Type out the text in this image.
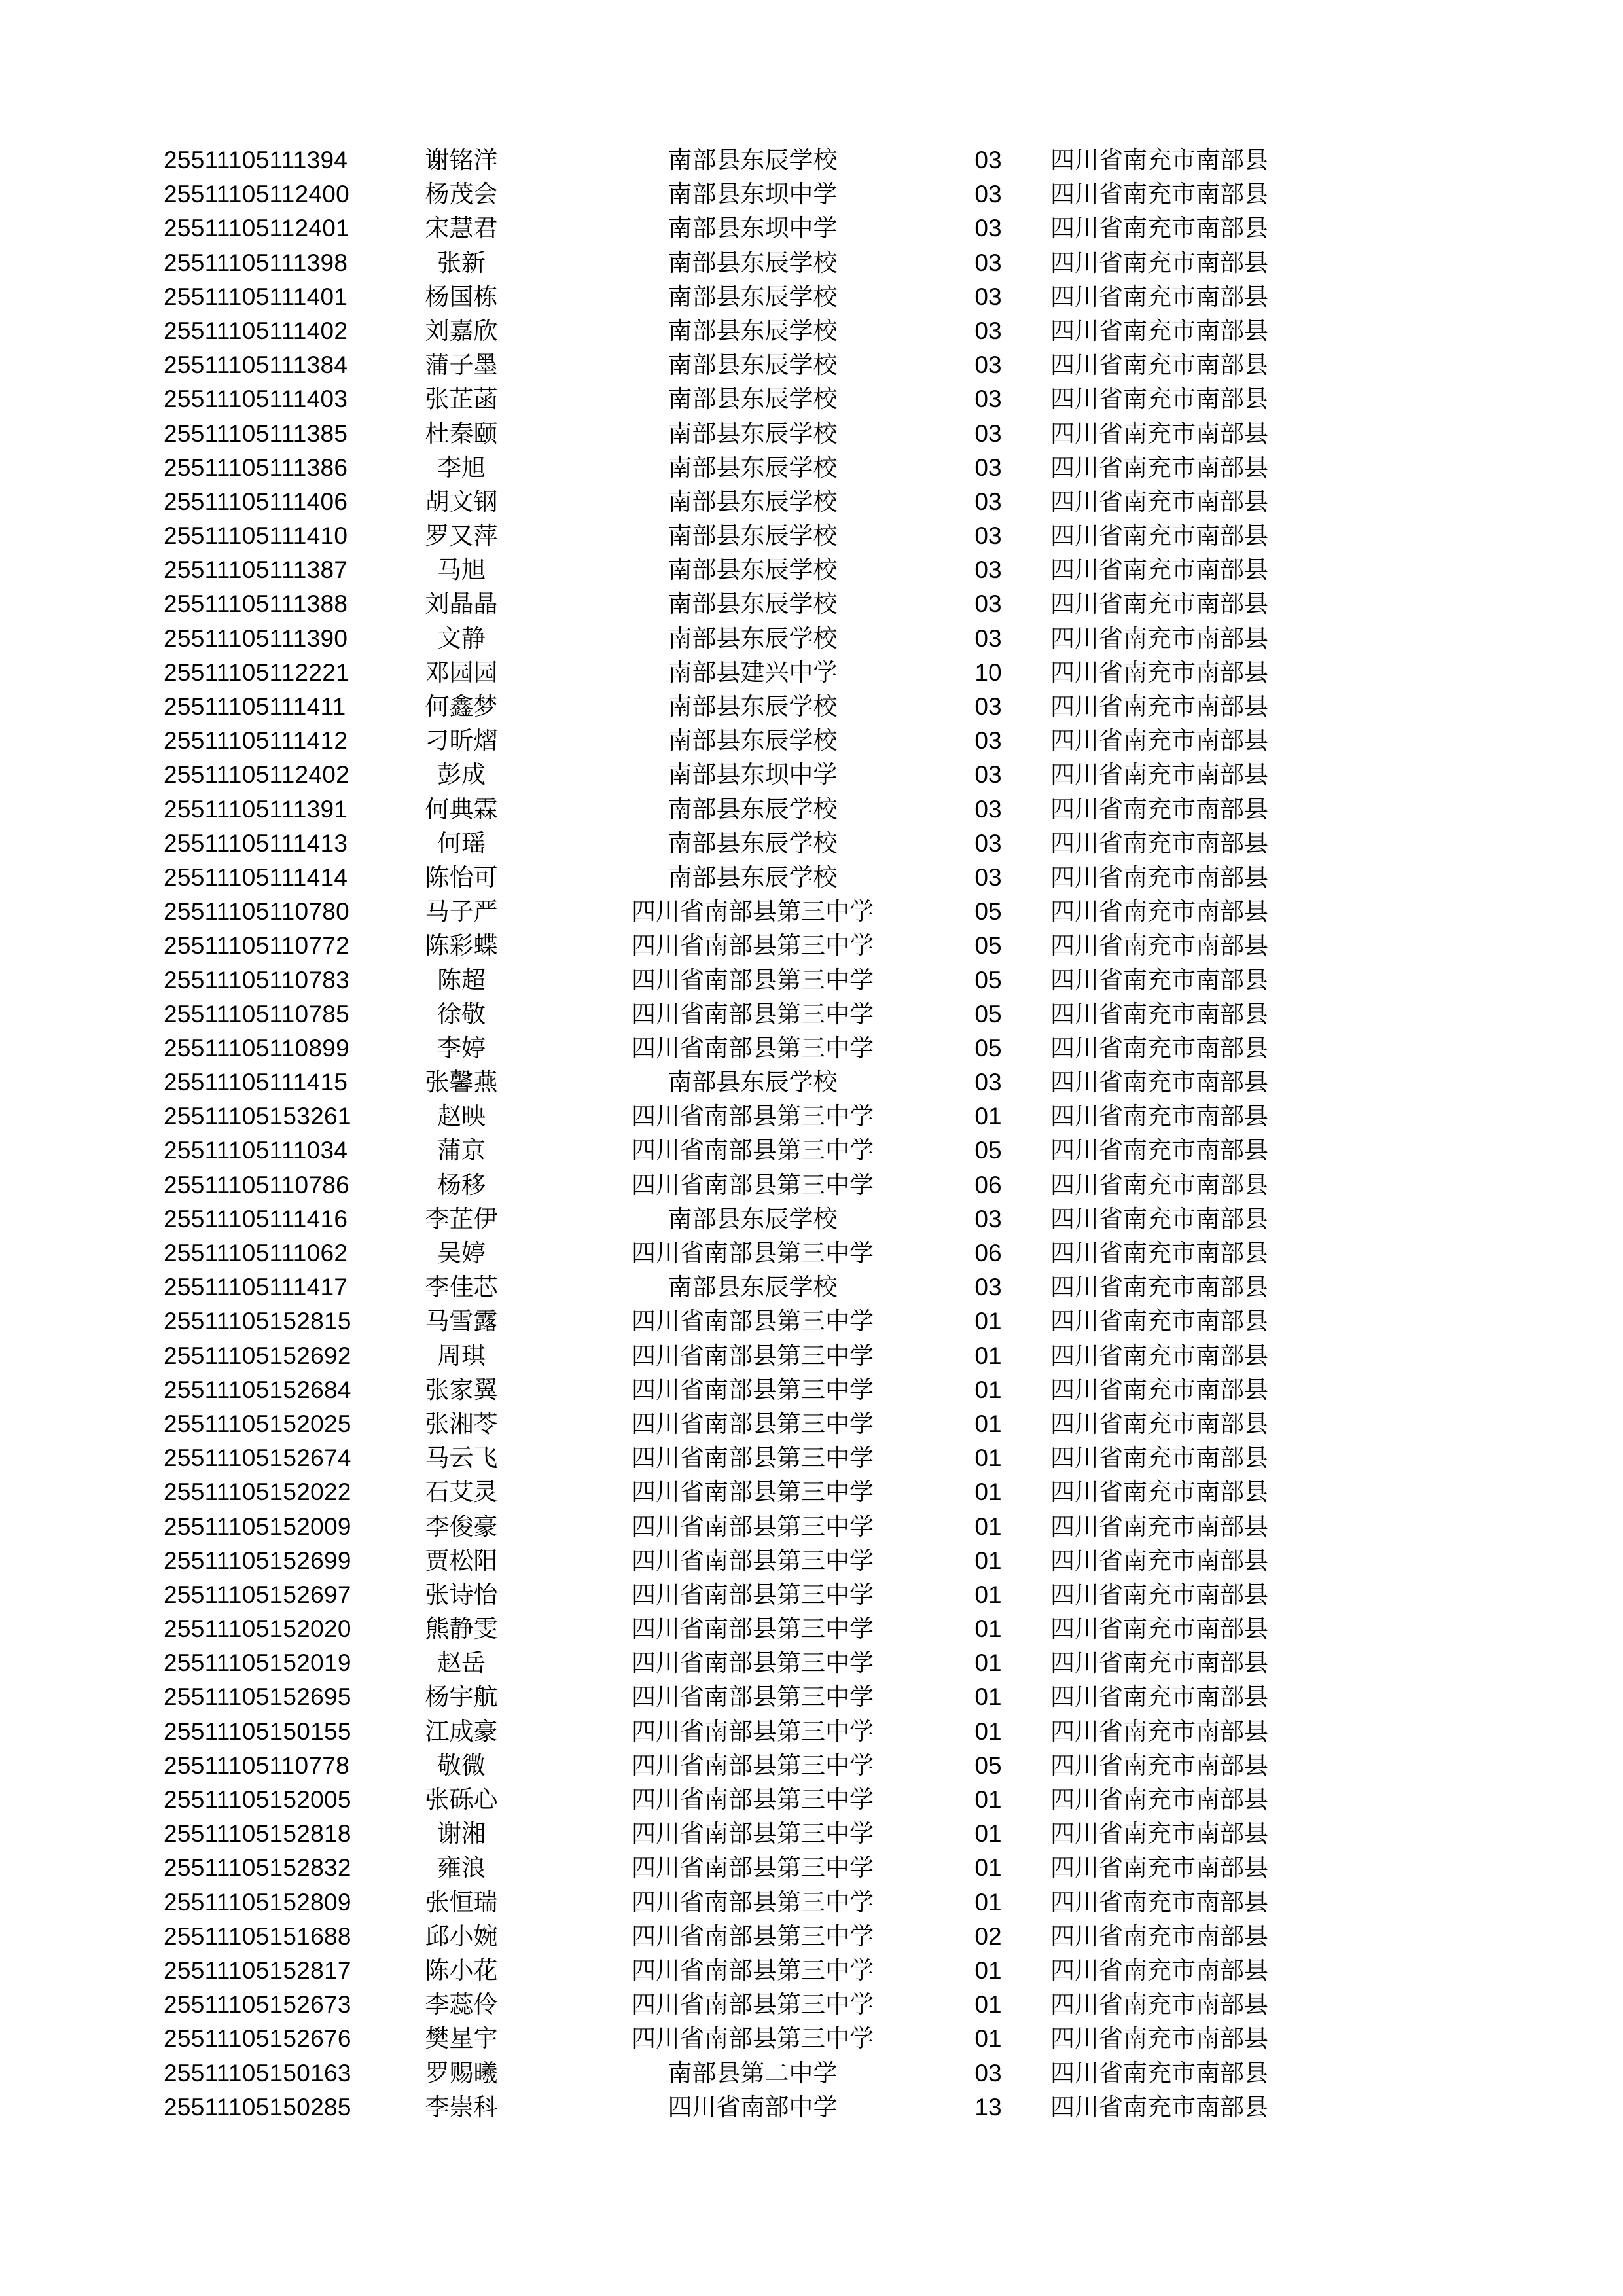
25511105111394	谢铭洋	南部县东辰学校	03	四川省南充市南部县
25511105112400	杨茂会	南部县东坝中学	03	四川省南充市南部县
25511105112401	宋慧君	南部县东坝中学	03	四川省南充市南部县
25511105111398	张新	南部县东辰学校	03	四川省南充市南部县
25511105111401	杨国栋	南部县东辰学校	03	四川省南充市南部县
25511105111402	刘嘉欣	南部县东辰学校	03	四川省南充市南部县
25511105111384	蒲子墨	南部县东辰学校	03	四川省南充市南部县
25511105111403	张芷菡	南部县东辰学校	03	四川省南充市南部县
25511105111385	杜秦颐	南部县东辰学校	03	四川省南充市南部县
25511105111386	李旭	南部县东辰学校	03	四川省南充市南部县
25511105111406	胡文钢	南部县东辰学校	03	四川省南充市南部县
25511105111410	罗又萍	南部县东辰学校	03	四川省南充市南部县
25511105111387	马旭	南部县东辰学校	03	四川省南充市南部县
25511105111388	刘晶晶	南部县东辰学校	03	四川省南充市南部县
25511105111390	文静	南部县东辰学校	03	四川省南充市南部县
25511105112221	邓园园	南部县建兴中学	10	四川省南充市南部县
25511105111411	何鑫梦	南部县东辰学校	03	四川省南充市南部县
25511105111412	刁昕熠	南部县东辰学校	03	四川省南充市南部县
25511105112402	彭成	南部县东坝中学	03	四川省南充市南部县
25511105111391	何典霖	南部县东辰学校	03	四川省南充市南部县
25511105111413	何瑶	南部县东辰学校	03	四川省南充市南部县
25511105111414	陈怡可	南部县东辰学校	03	四川省南充市南部县
25511105110780	马子严	四川省南部县第三中学	05	四川省南充市南部县
25511105110772	陈彩蝶	四川省南部县第三中学	05	四川省南充市南部县
25511105110783	陈超	四川省南部县第三中学	05	四川省南充市南部县
25511105110785	徐敬	四川省南部县第三中学	05	四川省南充市南部县
25511105110899	李婷	四川省南部县第三中学	05	四川省南充市南部县
25511105111415	张馨燕	南部县东辰学校	03	四川省南充市南部县
25511105153261	赵映	四川省南部县第三中学	01	四川省南充市南部县
25511105111034	蒲京	四川省南部县第三中学	05	四川省南充市南部县
25511105110786	杨移	四川省南部县第三中学	06	四川省南充市南部县
25511105111416	李芷伊	南部县东辰学校	03	四川省南充市南部县
25511105111062	吴婷	四川省南部县第三中学	06	四川省南充市南部县
25511105111417	李佳芯	南部县东辰学校	03	四川省南充市南部县
25511105152815	马雪露	四川省南部县第三中学	01	四川省南充市南部县
25511105152692	周琪	四川省南部县第三中学	01	四川省南充市南部县
25511105152684	张家翼	四川省南部县第三中学	01	四川省南充市南部县
25511105152025	张湘苓	四川省南部县第三中学	01	四川省南充市南部县
25511105152674	马云飞	四川省南部县第三中学	01	四川省南充市南部县
25511105152022	石艾灵	四川省南部县第三中学	01	四川省南充市南部县
25511105152009	李俊豪	四川省南部县第三中学	01	四川省南充市南部县
25511105152699	贾松阳	四川省南部县第三中学	01	四川省南充市南部县
25511105152697	张诗怡	四川省南部县第三中学	01	四川省南充市南部县
25511105152020	熊静雯	四川省南部县第三中学	01	四川省南充市南部县
25511105152019	赵岳	四川省南部县第三中学	01	四川省南充市南部县
25511105152695	杨宇航	四川省南部县第三中学	01	四川省南充市南部县
25511105150155	江成豪	四川省南部县第三中学	01	四川省南充市南部县
25511105110778	敬微	四川省南部县第三中学	05	四川省南充市南部县
25511105152005	张砾心	四川省南部县第三中学	01	四川省南充市南部县
25511105152818	谢湘	四川省南部县第三中学	01	四川省南充市南部县
25511105152832	雍浪	四川省南部县第三中学	01	四川省南充市南部县
25511105152809	张恒瑞	四川省南部县第三中学	01	四川省南充市南部县
25511105151688	邱小婉	四川省南部县第三中学	02	四川省南充市南部县
25511105152817	陈小花	四川省南部县第三中学	01	四川省南充市南部县
25511105152673	李蕊伶	四川省南部县第三中学	01	四川省南充市南部县
25511105152676	樊星宇	四川省南部县第三中学	01	四川省南充市南部县
25511105150163	罗赐曦	南部县第二中学	03	四川省南充市南部县
25511105150285	李崇科	四川省南部中学	13	四川省南充市南部县
